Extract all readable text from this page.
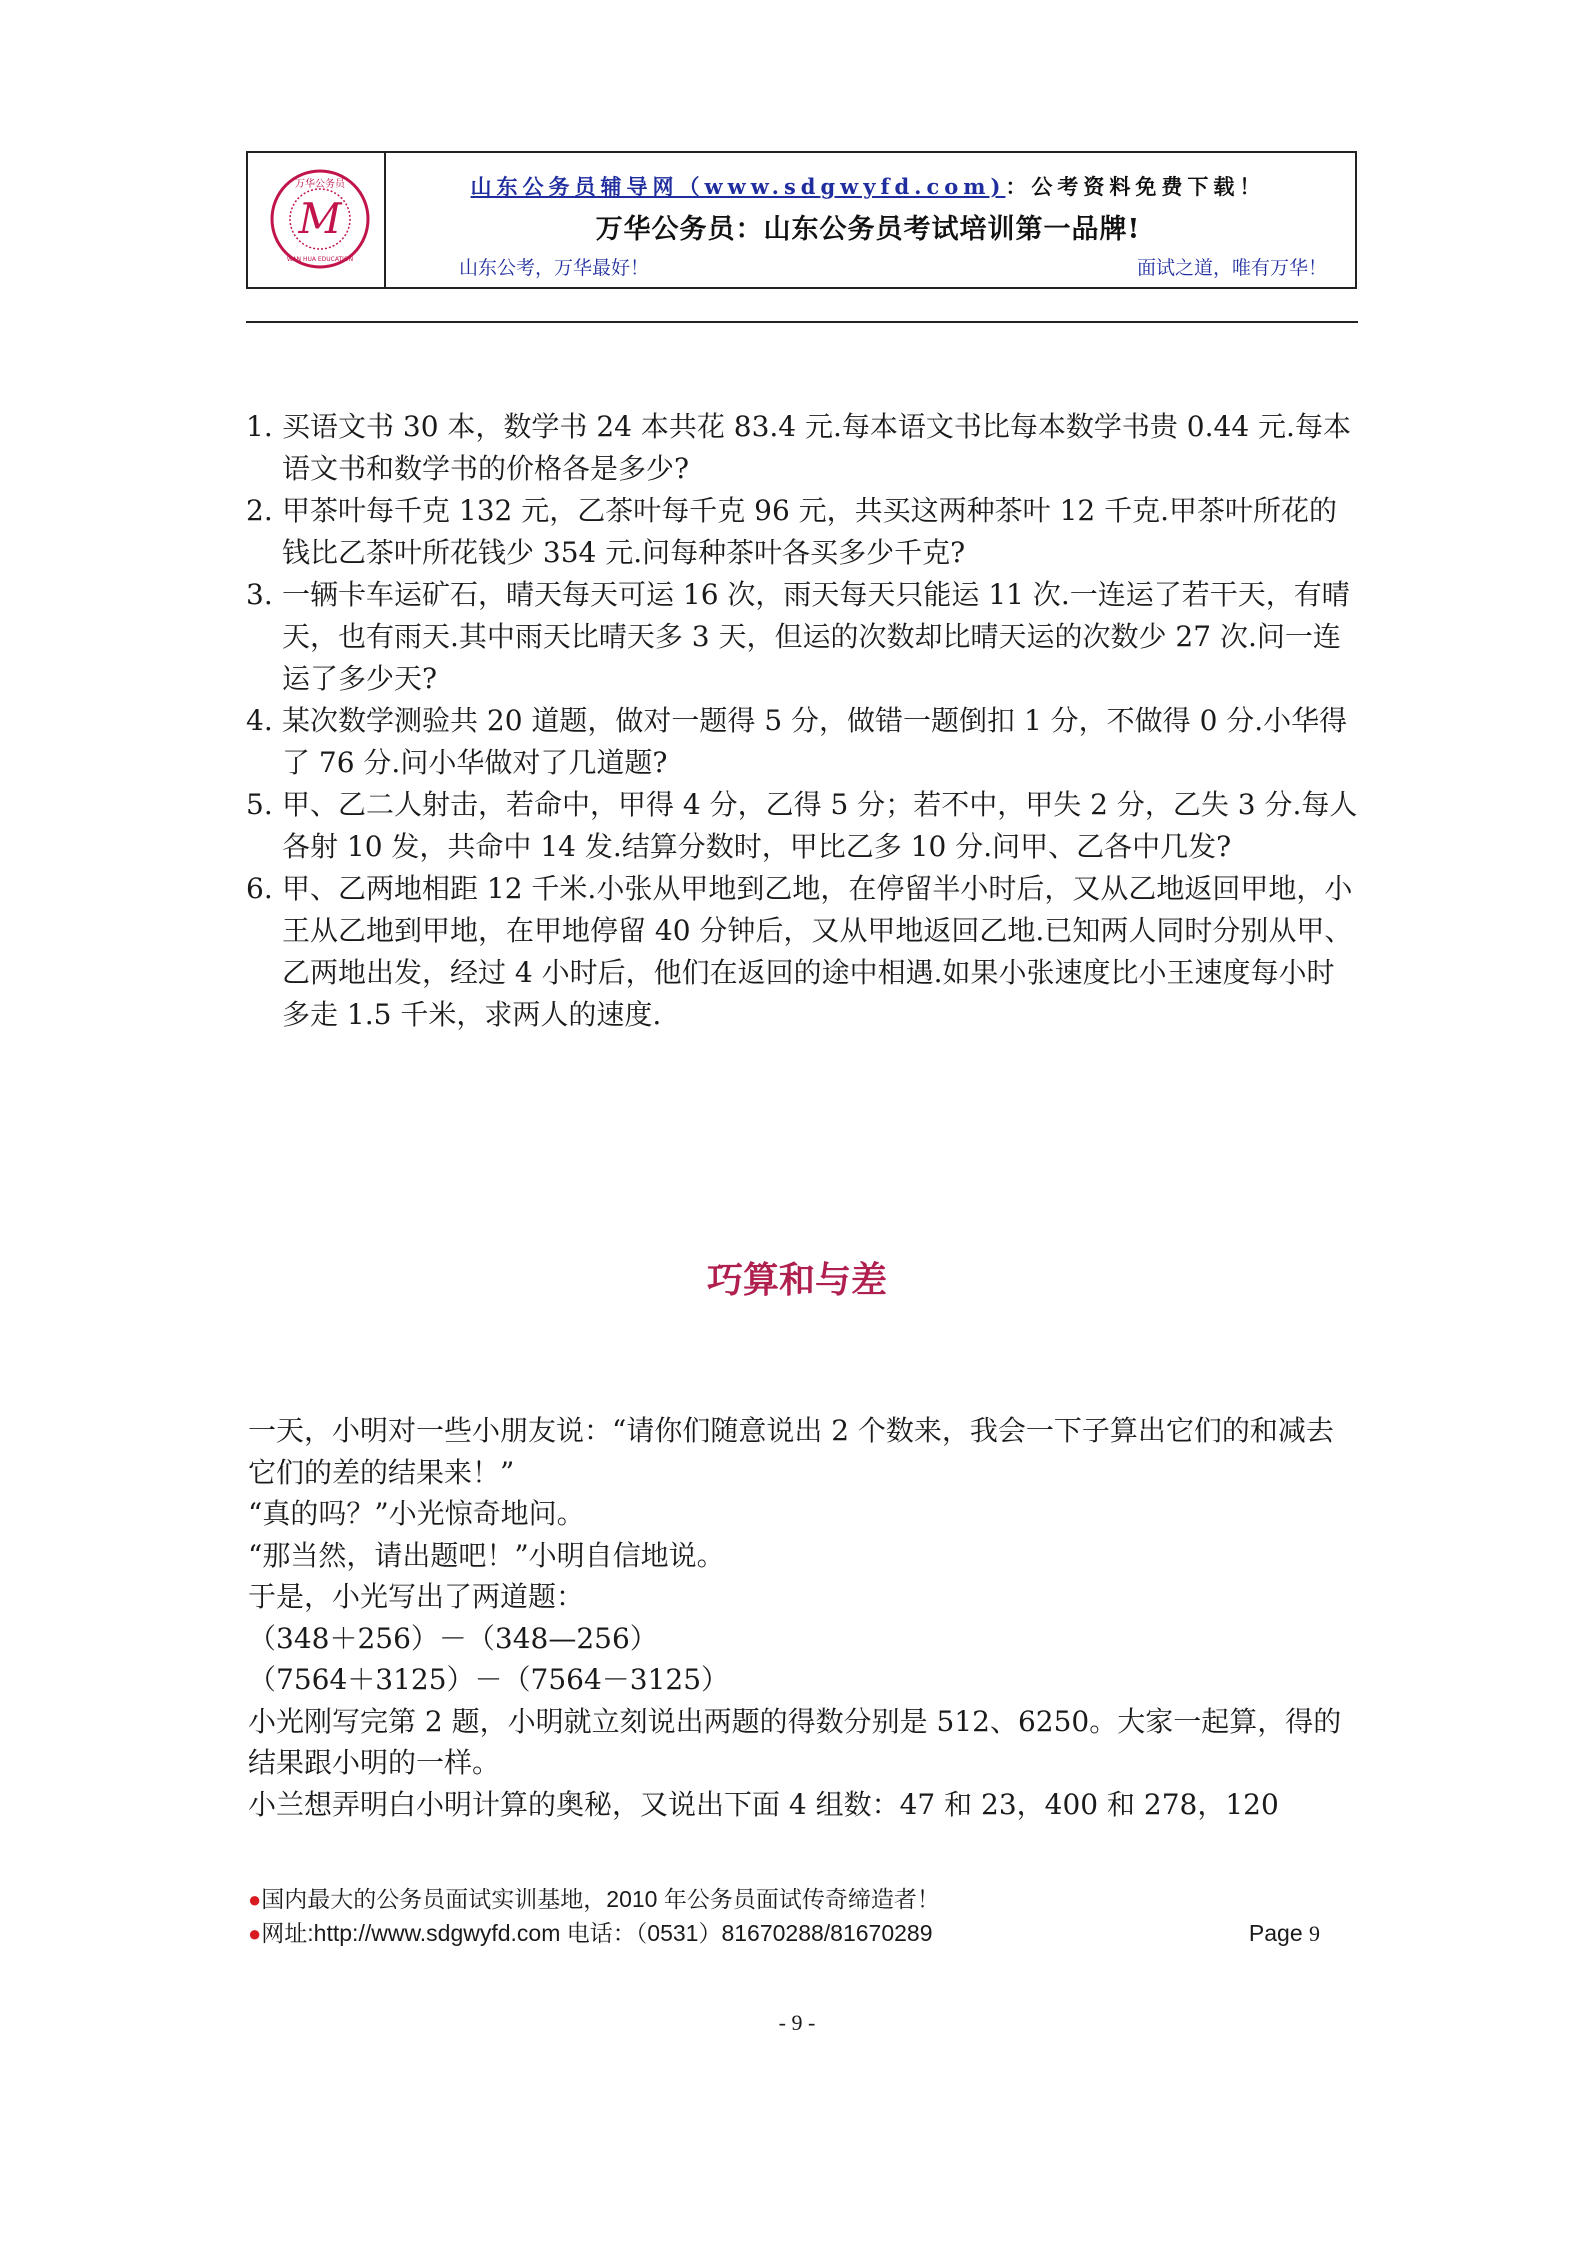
M
万华公务员
WAN HUA EDUCATION
山东公务员辅导网（www.sdgwyfd.com)：公考资料免费下载！
万华公务员：山东公务员考试培训第一品牌!
山东公考，万华最好！	面试之道，唯有万华！
1. 买语文书 30 本，数学书 24 本共花 83.4 元.每本语文书比每本数学书贵 0.44 元.每本语文书和数学书的价格各是多少?
2. 甲茶叶每千克 132 元，乙茶叶每千克 96 元，共买这两种茶叶 12 千克.甲茶叶所花的钱比乙茶叶所花钱少 354 元.问每种茶叶各买多少千克?
3. 一辆卡车运矿石，晴天每天可运 16 次，雨天每天只能运 11 次.一连运了若干天，有晴天，也有雨天.其中雨天比晴天多 3 天，但运的次数却比晴天运的次数少 27 次.问一连运了多少天?
4. 某次数学测验共 20 道题，做对一题得 5 分，做错一题倒扣 1 分，不做得 0 分.小华得了 76 分.问小华做对了几道题?
5. 甲、乙二人射击，若命中，甲得 4 分，乙得 5 分；若不中，甲失 2 分，乙失 3 分.每人各射 10 发，共命中 14 发.结算分数时，甲比乙多 10 分.问甲、乙各中几发?
6. 甲、乙两地相距 12 千米.小张从甲地到乙地，在停留半小时后，又从乙地返回甲地，小王从乙地到甲地，在甲地停留 40 分钟后，又从甲地返回乙地.已知两人同时分别从甲、乙两地出发，经过 4 小时后，他们在返回的途中相遇.如果小张速度比小王速度每小时多走 1.5 千米，求两人的速度.
巧算和与差

一天，小明对一些小朋友说：“请你们随意说出 2 个数来，我会一下子算出它们的和减去它们的差的结果来！”

“真的吗？”小光惊奇地问。

“那当然，请出题吧！”小明自信地说。

于是，小光写出了两道题：

（348＋256）－（348—256）

（7564＋3125）－（7564－3125）

小光刚写完第 2 题，小明就立刻说出两题的得数分别是 512、6250。大家一起算，得的结果跟小明的一样。

小兰想弄明白小明计算的奥秘，又说出下面 4 组数：47 和 23，400 和 278，120

●国内最大的公务员面试实训基地，2010 年公务员面试传奇缔造者！
●网址:http://www.sdgwyfd.com 电话：（0531）81670288/81670289	Page 9
- 9 -
